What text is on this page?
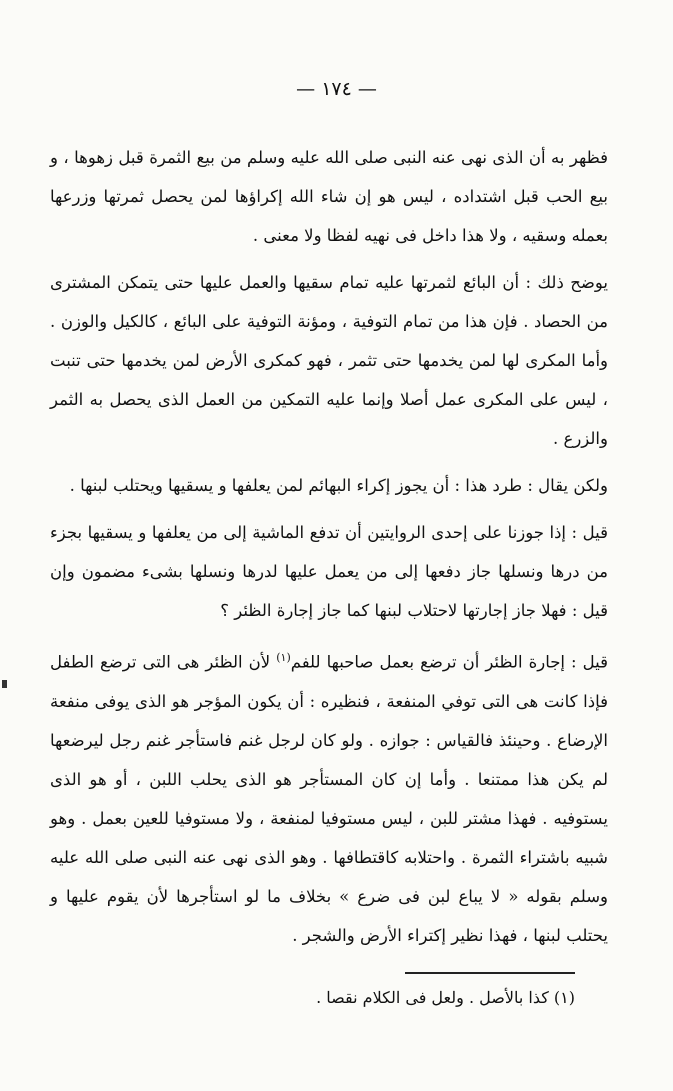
— ١٧٤ —

فظهر به أن الذى نهى عنه النبى صلى الله عليه وسلم من بيع الثمرة قبل زهوها ، و بيع الحب قبل اشتداده ، ليس هو إن شاء الله إكراؤها لمن يحصل ثمرتها وزرعها بعمله وسقيه ، ولا هذا داخل فى نهيه لفظا ولا معنى .

يوضح ذلك : أن البائع لثمرتها عليه تمام سقيها والعمل عليها حتى يتمكن المشترى من الحصاد . فإن هذا من تمام التوفية ، ومؤنة التوفية على البائع ، كالكيل والوزن . وأما المكرى لها لمن يخدمها حتى تثمر ، فهو كمكرى الأرض لمن يخدمها حتى تنبت ، ليس على المكرى عمل أصلا وإنما عليه التمكين من العمل الذى يحصل به الثمر والزرع .

ولكن يقال : طرد هذا : أن يجوز إكراء البهائم لمن يعلفها و يسقيها ويحتلب لبنها .

قيل : إذا جوزنا على إحدى الروايتين أن تدفع الماشية إلى من يعلفها و يسقيها بجزء من درها ونسلها جاز دفعها إلى من يعمل عليها لدرها ونسلها بشىء مضمون وإن قيل : فهلا جاز إجارتها لاحتلاب لبنها كما جاز إجارة الظئر ؟

قيل : إجارة الظئر أن ترضع بعمل صاحبها للفم$^{(١)}$ لأن الظئر هى التى ترضع الطفل فإذا كانت هى التى توفي المنفعة ، فنظيره : أن يكون المؤجر هو الذى يوفى منفعة الإرضاع . وحينئذ فالقياس : جوازه . ولو كان لرجل غنم فاستأجر غنم رجل ليرضعها لم يكن هذا ممتنعا . وأما إن كان المستأجر هو الذى يحلب اللبن ، أو هو الذى يستوفيه . فهذا مشتر للبن ، ليس مستوفيا لمنفعة ، ولا مستوفيا للعين بعمل . وهو شبيه باشتراء الثمرة . واحتلابه كاقتطافها . وهو الذى نهى عنه النبى صلى الله عليه وسلم بقوله « لا يباع لبن فى ضرع » بخلاف ما لو استأجرها لأن يقوم عليها و يحتلب لبنها ، فهذا نظير إكتراء الأرض والشجر .

(١) كذا بالأصل . ولعل فى الكلام نقصا .
